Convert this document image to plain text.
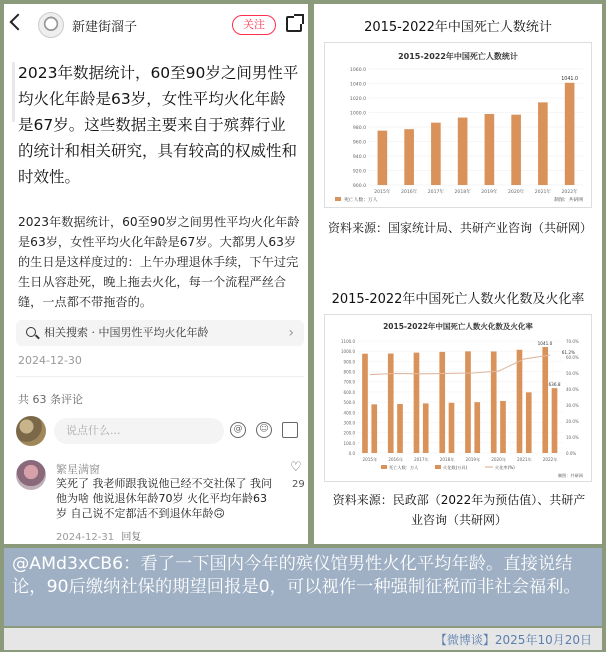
新建街溜子	关注
2023年数据统计，60至90岁之间男性平均火化年龄是63岁，女性平均火化年龄是67岁。这些数据主要来自于殡葬行业的统计和相关研究，具有较高的权威性和时效性。
2023年数据统计，60至90岁之间男性平均火化年龄是63岁，女性平均火化年龄是67岁。大都男人63岁的生日是这样度过的：上午办理退休手续，下午过完生日从容赴死，晚上拖去火化，每一个流程严丝合缝，一点都不带拖沓的。
相关搜索 · 中国男性平均火化年龄	›
2024-12-30
共 63 条评论
说点什么...	@	☺
繁星满窗
笑死了 我老师跟我说他已经不交社保了 我问他为啥 他说退休年龄70岁 火化平均年龄63岁 自己说不定都活不到退休年龄🙃
2024-12-31 回复
♡
29
2015-2022年中国死亡人数统计
2015-2022年中国死亡人数统计
900.0
920.0
940.0
960.0
980.0
1000.0
1020.0
1040.0
1060.0
2015年 2016年 2017年 2018年 2019年 2020年 2021年 2022年
1041.0
死亡人数：万人	制图：共研网
资料来源：国家统计局、共研产业咨询（共研网）
2015-2022年中国死亡人数火化数及火化率
2015-2022年中国死亡人数火化数及火化率
0.0
100.0
200.0
300.0
400.0
500.0
600.0
700.0
800.0
900.0
1000.0
1100.0
0.0%
10.0%
20.0%
30.0%
40.0%
50.0%
60.0%
70.0%
2015年	2016年	2017年	2018年	2019年	2020年	2021年	2022年
1041.0
636.8
61.2%
死亡人数：万人	火化数(万具)	火化率(%)
制图：共研网
资料来源：民政部（2022年为预估值）、共研产业咨询（共研网）
@AMd3xCB6：看了一下国内今年的殡仪馆男性火化平均年龄。直接说结论，90后缴纳社保的期望回报是0，可以视作一种强制征税而非社会福利。
【微博谈】2025年10月20日
